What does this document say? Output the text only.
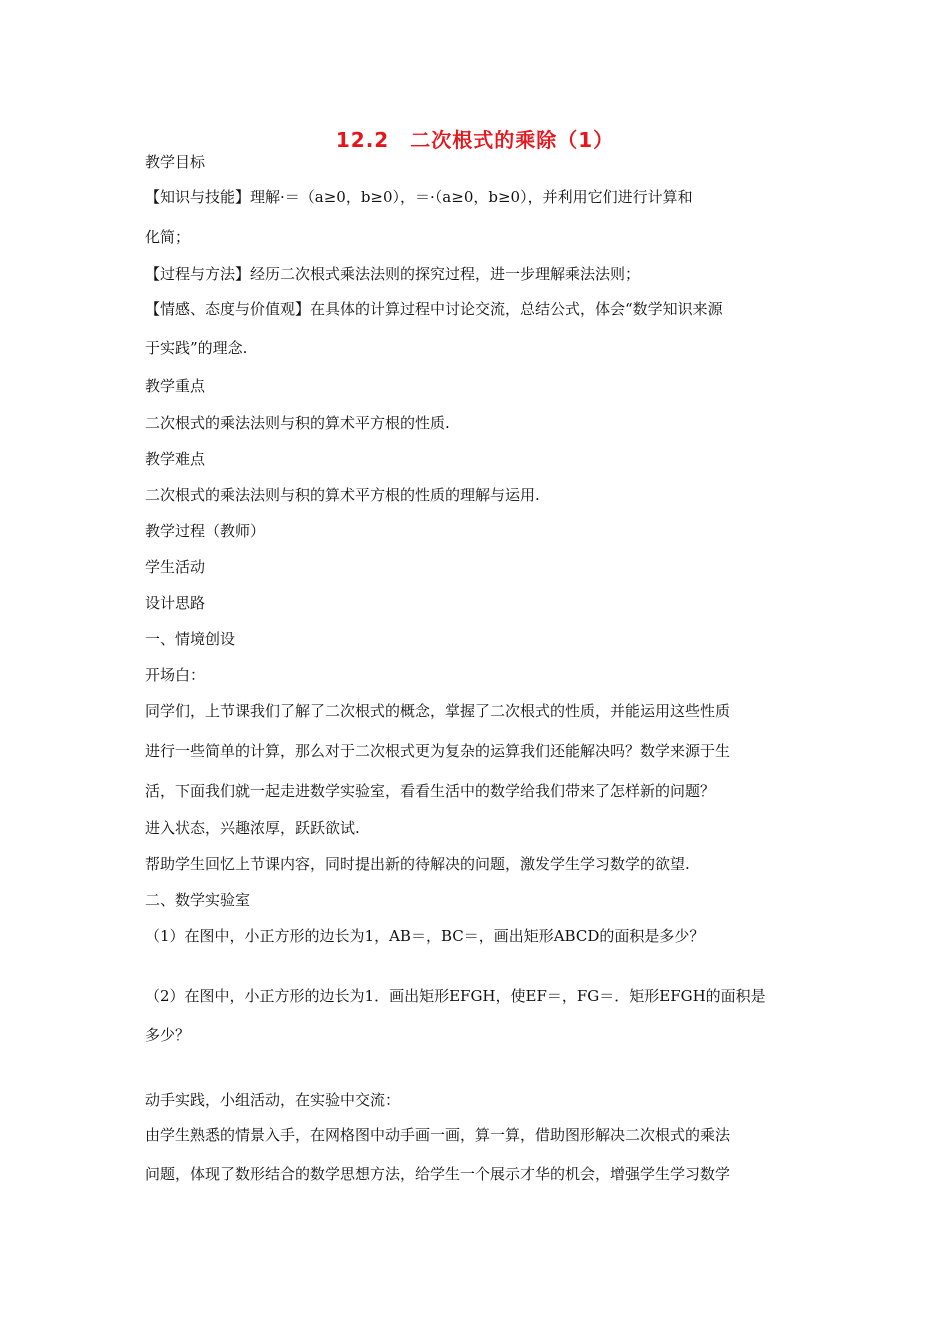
12.2　二次根式的乘除（1）
教学目标
【知识与技能】理解·＝（a≥0，b≥0），＝·（a≥0，b≥0），并利用它们进行计算和
化简；
【过程与方法】经历二次根式乘法法则的探究过程，进一步理解乘法法则；
【情感、态度与价值观】在具体的计算过程中讨论交流，总结公式，体会“数学知识来源
于实践”的理念.
教学重点
二次根式的乘法法则与积的算术平方根的性质.
教学难点
二次根式的乘法法则与积的算术平方根的性质的理解与运用.
教学过程（教师）
学生活动
设计思路
一、情境创设
开场白：
同学们，上节课我们了解了二次根式的概念，掌握了二次根式的性质，并能运用这些性质
进行一些简单的计算，那么对于二次根式更为复杂的运算我们还能解决吗？数学来源于生
活，下面我们就一起走进数学实验室，看看生活中的数学给我们带来了怎样新的问题？
进入状态，兴趣浓厚，跃跃欲试.
帮助学生回忆上节课内容，同时提出新的待解决的问题，激发学生学习数学的欲望.
二、数学实验室
（1）在图中，小正方形的边长为1，AB＝，BC＝，画出矩形ABCD的面积是多少？
（2）在图中，小正方形的边长为1．画出矩形EFGH，使EF＝，FG＝．矩形EFGH的面积是
多少？
动手实践，小组活动，在实验中交流：
由学生熟悉的情景入手，在网格图中动手画一画，算一算，借助图形解决二次根式的乘法
问题，体现了数形结合的数学思想方法，给学生一个展示才华的机会，增强学生学习数学
